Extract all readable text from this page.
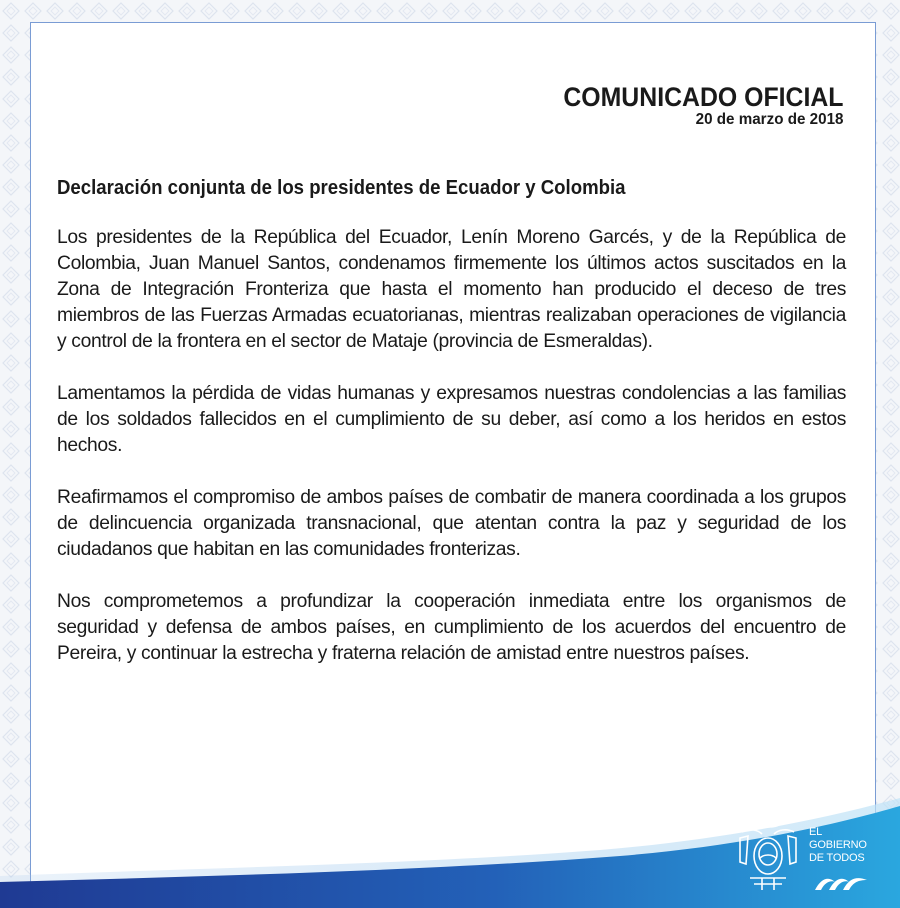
COMUNICADO OFICIAL
20 de marzo de 2018
Declaración conjunta de los presidentes de Ecuador y Colombia

Los presidentes de la República del Ecuador, Lenín Moreno Garcés, y de la República de Colombia, Juan Manuel Santos, condenamos firmemente los últimos actos suscitados en la Zona de Integración Fronteriza que hasta el momento han producido el deceso de tres miembros de las Fuerzas Armadas ecuatorianas, mientras realizaban operaciones de vigilancia y control de la frontera en el sector de Mataje (provincia de Esmeraldas).

Lamentamos la pérdida de vidas humanas y expresamos nuestras condolencias a las familias de los soldados fallecidos en el cumplimiento de su deber, así como a los heridos en estos hechos.

Reafirmamos el compromiso de ambos países de combatir de manera coordinada a los grupos de delincuencia organizada transnacional, que atentan contra la paz y seguridad de los ciudadanos que habitan en las comunidades fronterizas.

Nos comprometemos a profundizar la cooperación inmediata entre los organismos de seguridad y defensa de ambos países, en cumplimiento de los acuerdos del encuentro de Pereira, y continuar la estrecha y fraterna relación de amistad entre nuestros países.

EL
GOBIERNO
DE TODOS
